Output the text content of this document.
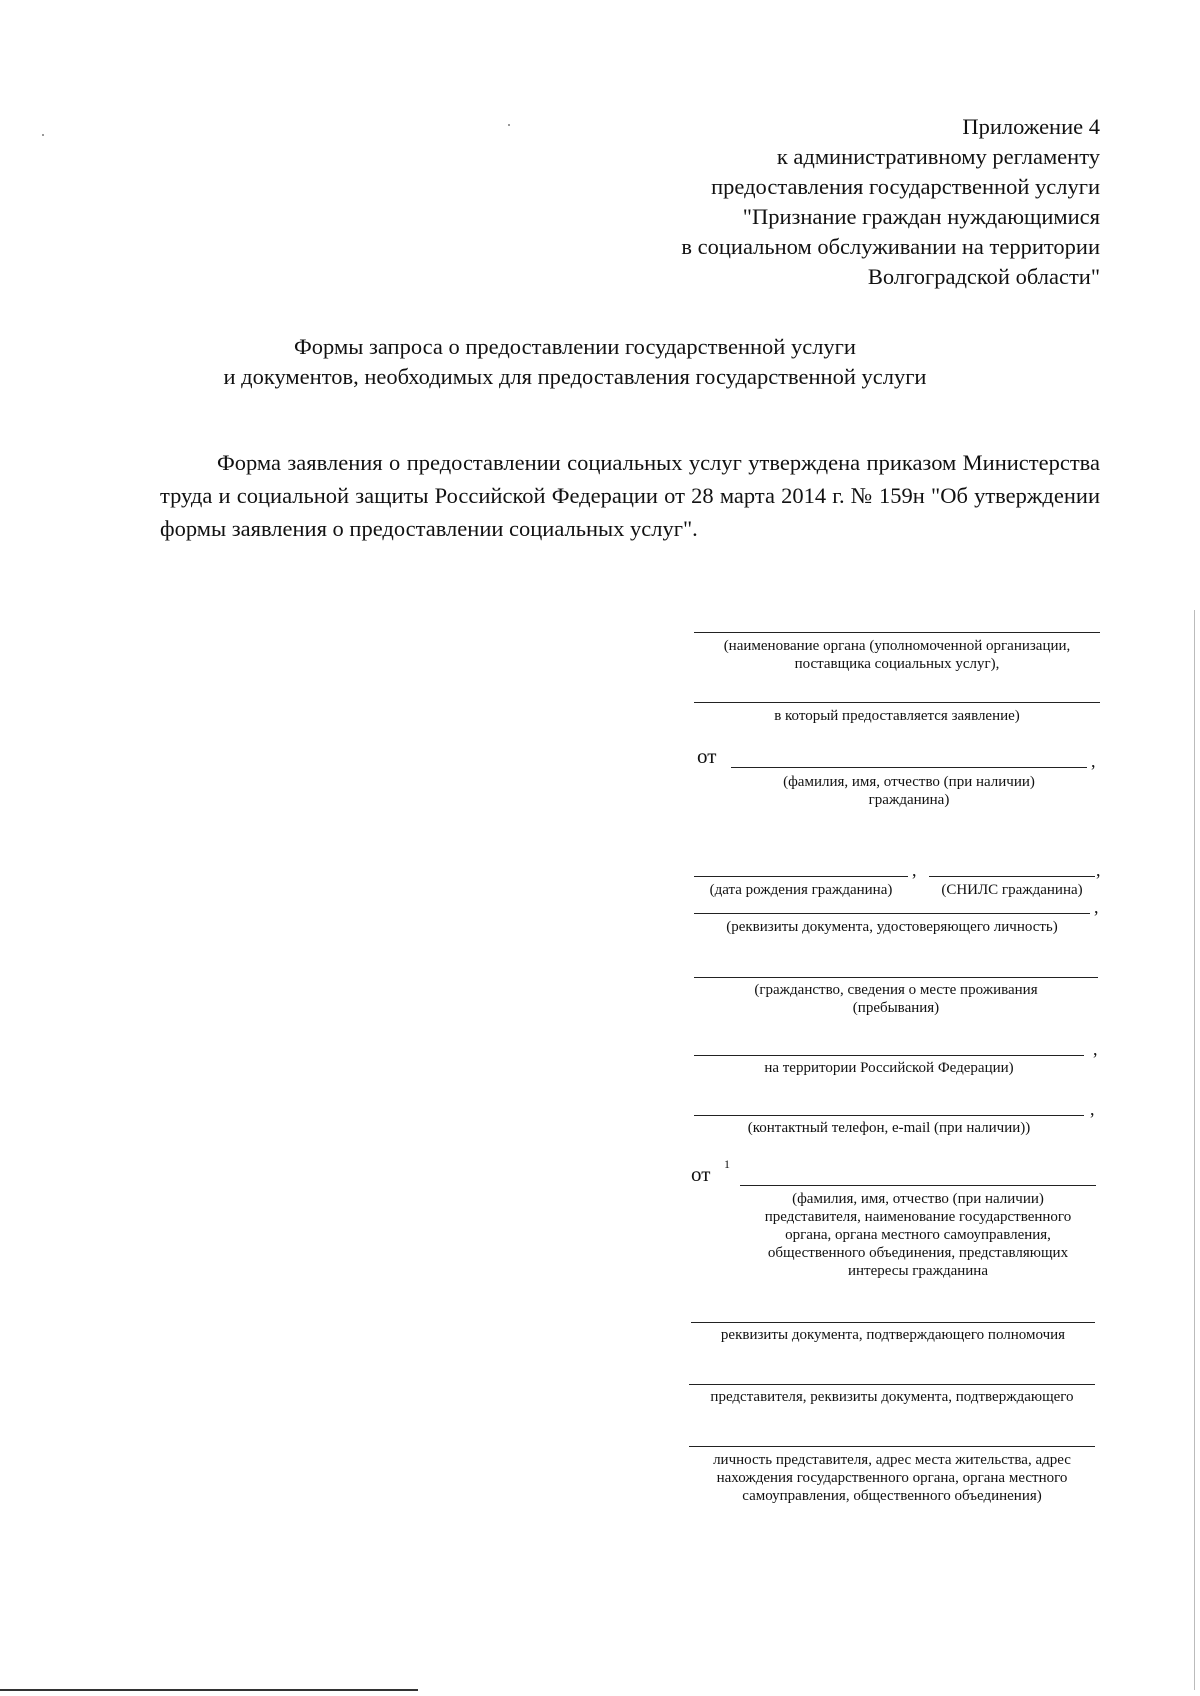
Приложение 4
к административному регламенту
предоставления государственной услуги
"Признание граждан нуждающимися
в социальном обслуживании на территории
Волгоградской области"
Формы запроса о предоставлении государственной услуги
и документов, необходимых для предоставления государственной услуги
Форма заявления о предоставлении социальных услуг утверждена приказом Министерства труда и социальной защиты Российской Федерации от 28 марта 2014 г. № 159н "Об утверждении формы заявления о предоставлении социальных услуг".
(наименование органа (уполномоченной организации,
поставщика социальных услуг),
в который предоставляется заявление)
от	,
(фамилия, имя, отчество (при наличии)
гражданина)
,	,
(дата рождения гражданина)	(СНИЛС гражданина)
,
(реквизиты документа, удостоверяющего личность)
(гражданство, сведения о месте проживания
(пребывания)
,
на территории Российской Федерации)
,
(контактный телефон, e-mail (при наличии))
от 1
(фамилия, имя, отчество (при наличии)
представителя, наименование государственного
органа, органа местного самоуправления,
общественного объединения, представляющих
интересы гражданина
реквизиты документа, подтверждающего полномочия
представителя, реквизиты документа, подтверждающего
личность представителя, адрес места жительства, адрес
нахождения государственного органа, органа местного
самоуправления, общественного объединения)
